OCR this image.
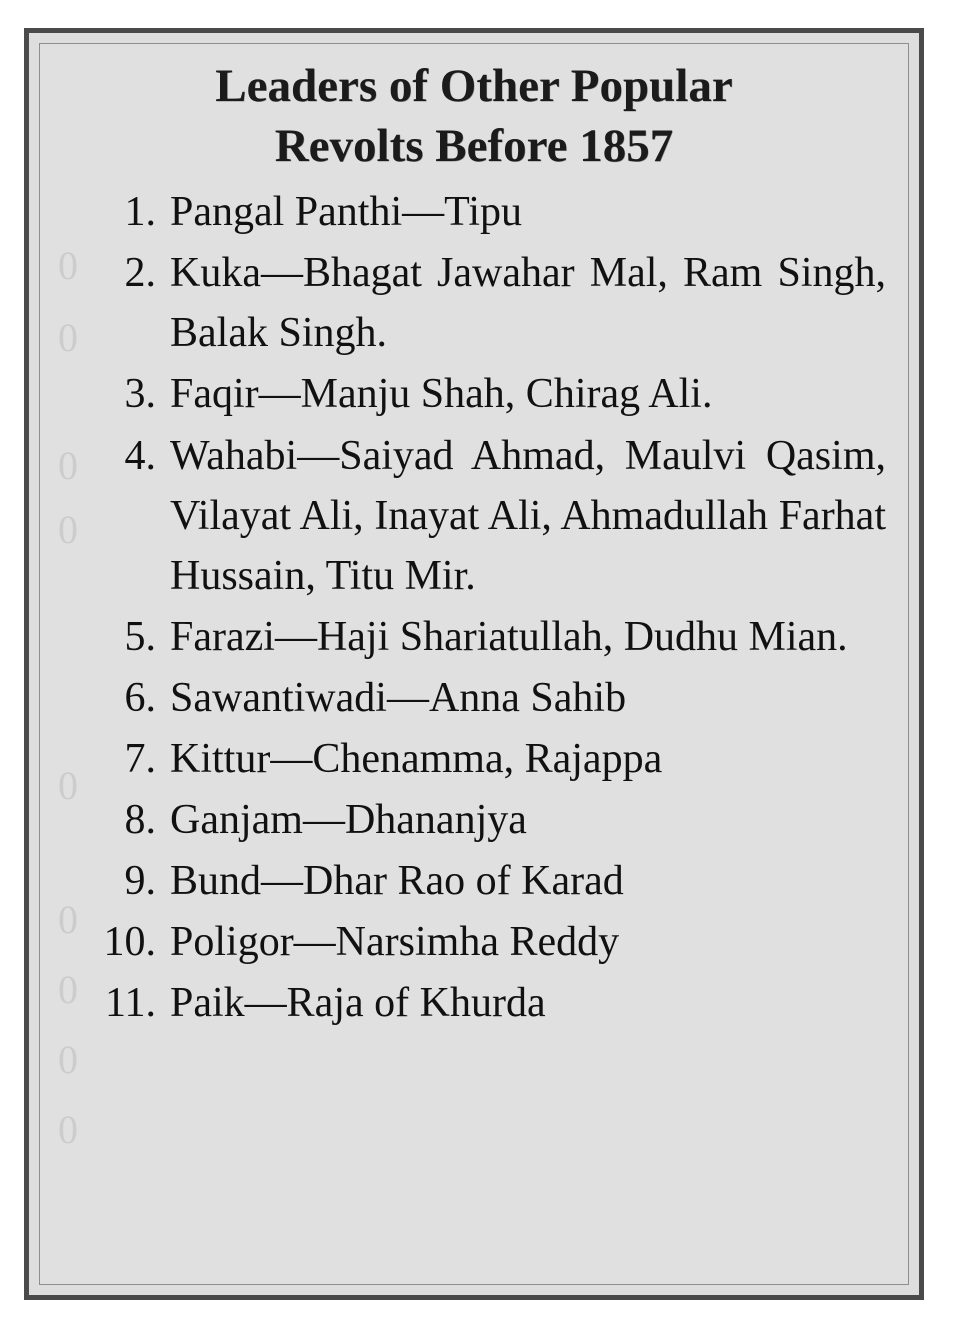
0
0
0
0
0
0
0
0
0
Leaders of Other Popular
Revolts Before 1857
1. Pangal Panthi—Tipu
2. Kuka—Bhagat Jawahar Mal, Ram Singh, Balak Singh.
3. Faqir—Manju Shah, Chirag Ali.
4. Wahabi—Saiyad Ahmad, Maulvi Qasim, Vilayat Ali, Inayat Ali, Ahmadullah Farhat Hussain, Titu Mir.
5. Farazi—Haji Shariatullah, Dudhu Mian.
6. Sawantiwadi—Anna Sahib
7. Kittur—Chenamma, Rajappa
8. Ganjam—Dhananjya
9. Bund—Dhar Rao of Karad
10. Poligor—Narsimha Reddy
11. Paik—Raja of Khurda
